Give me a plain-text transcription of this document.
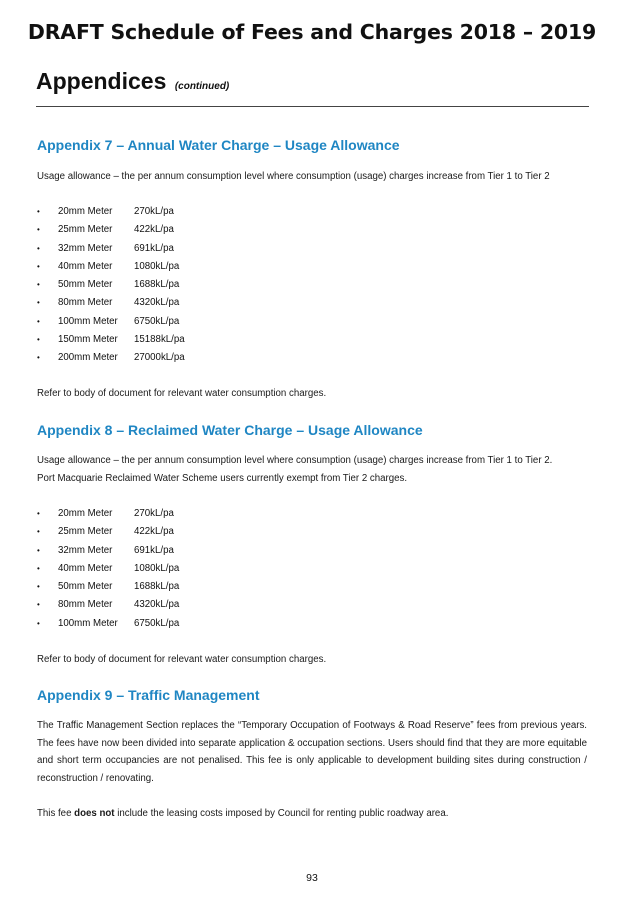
DRAFT Schedule of Fees and Charges 2018 – 2019
Appendices (continued)
Appendix 7 – Annual Water Charge – Usage Allowance
Usage allowance – the per annum consumption level where consumption (usage) charges increase from Tier 1 to Tier 2
• 20mm Meter 270kL/pa
• 25mm Meter 422kL/pa
• 32mm Meter 691kL/pa
• 40mm Meter 1080kL/pa
• 50mm Meter 1688kL/pa
• 80mm Meter 4320kL/pa
• 100mm Meter 6750kL/pa
• 150mm Meter 15188kL/pa
• 200mm Meter 27000kL/pa
Refer to body of document for relevant water consumption charges.
Appendix 8 – Reclaimed Water Charge – Usage Allowance
Usage allowance – the per annum consumption level where consumption (usage) charges increase from Tier 1 to Tier 2.
Port Macquarie Reclaimed Water Scheme users currently exempt from Tier 2 charges.
• 20mm Meter 270kL/pa
• 25mm Meter 422kL/pa
• 32mm Meter 691kL/pa
• 40mm Meter 1080kL/pa
• 50mm Meter 1688kL/pa
• 80mm Meter 4320kL/pa
• 100mm Meter 6750kL/pa
Refer to body of document for relevant water consumption charges.
Appendix 9 – Traffic Management
The Traffic Management Section replaces the “Temporary Occupation of Footways & Road Reserve” fees from previous years. The fees have now been divided into separate application & occupation sections. Users should find that they are more equitable and short term occupancies are not penalised. This fee is only applicable to development building sites during construction / reconstruction / renovating.
This fee does not include the leasing costs imposed by Council for renting public roadway area.
93
